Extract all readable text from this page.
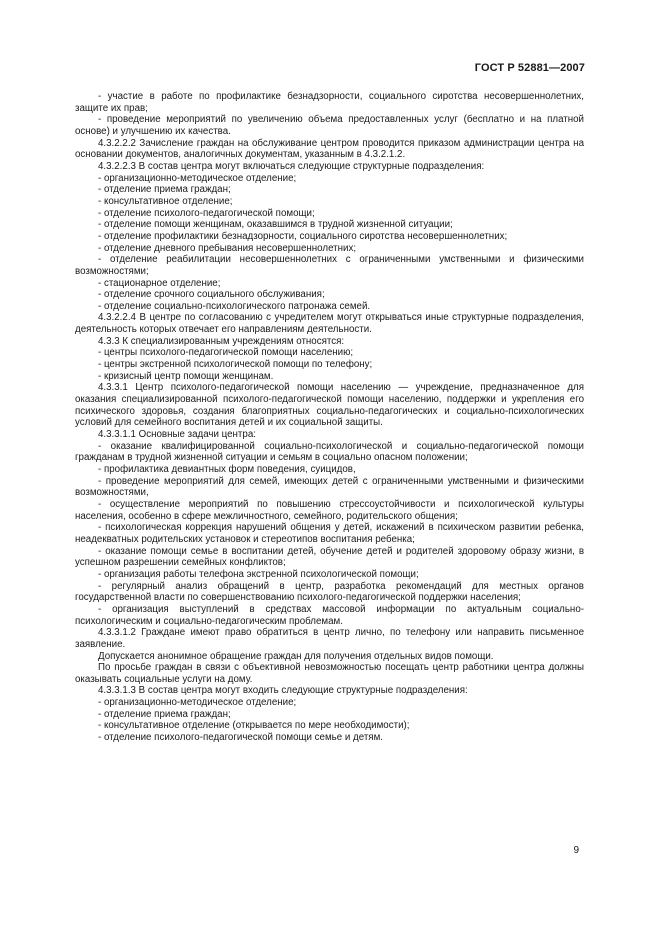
ГОСТ Р 52881—2007

- участие в работе по профилактике безнадзорности, социального сиротства несовершеннолетних, защите их прав;

- проведение мероприятий по увеличению объема предоставленных услуг (бесплатно и на платной основе) и улучшению их качества.

4.3.2.2.2 Зачисление граждан на обслуживание центром проводится приказом администрации центра на основании документов, аналогичных документам, указанным в 4.3.2.1.2.

4.3.2.2.3 В состав центра могут включаться следующие структурные подразделения:

- организационно-методическое отделение;

- отделение приема граждан;

- консультативное отделение;

- отделение психолого-педагогической помощи;

- отделение помощи женщинам, оказавшимся в трудной жизненной ситуации;

- отделение профилактики безнадзорности, социального сиротства несовершеннолетних;

- отделение дневного пребывания несовершеннолетних;

- отделение реабилитации несовершеннолетних с ограниченными умственными и физическими возможностями;

- стационарное отделение;

- отделение срочного социального обслуживания;

- отделение социально-психологического патронажа семей.

4.3.2.2.4 В центре по согласованию с учредителем могут открываться иные структурные подразделения, деятельность которых отвечает его направлениям деятельности.

4.3.3 К специализированным учреждениям относятся:

- центры психолого-педагогической помощи населению;

- центры экстренной психологической помощи по телефону;

- кризисный центр помощи женщинам.

4.3.3.1 Центр психолого-педагогической помощи населению — учреждение, предназначенное для оказания специализированной психолого-педагогической помощи населению, поддержки и укрепления его психического здоровья, создания благоприятных социально-педагогических и социально-психологических условий для семейного воспитания детей и их социальной защиты.

4.3.3.1.1 Основные задачи центра:

- оказание квалифицированной социально-психологической и социально-педагогической помощи гражданам в трудной жизненной ситуации и семьям в социально опасном положении;

- профилактика девиантных форм поведения, суицидов,

- проведение мероприятий для семей, имеющих детей с ограниченными умственными и физическими возможностями,

- осуществление мероприятий по повышению стрессоустойчивости и психологической культуры населения, особенно в сфере межличностного, семейного, родительского общения;

- психологическая коррекция нарушений общения у детей, искажений в психическом развитии ребенка, неадекватных родительских установок и стереотипов воспитания ребенка;

- оказание помощи семье в воспитании детей, обучение детей и родителей здоровому образу жизни, в успешном разрешении семейных конфликтов;

- организация работы телефона экстренной психологической помощи;

- регулярный анализ обращений в центр, разработка рекомендаций для местных органов государственной власти по совершенствованию психолого-педагогической поддержки населения;

- организация выступлений в средствах массовой информации по актуальным социально-психологическим и социально-педагогическим проблемам.

4.3.3.1.2 Граждане имеют право обратиться в центр лично, по телефону или направить письменное заявление.

Допускается анонимное обращение граждан для получения отдельных видов помощи.

По просьбе граждан в связи с объективной невозможностью посещать центр работники центра должны оказывать социальные услуги на дому.

4.3.3.1.3 В состав центра могут входить следующие структурные подразделения:

- организационно-методическое отделение;

- отделение приема граждан;

- консультативное отделение (открывается по мере необходимости);

- отделение психолого-педагогической помощи семье и детям.

9
